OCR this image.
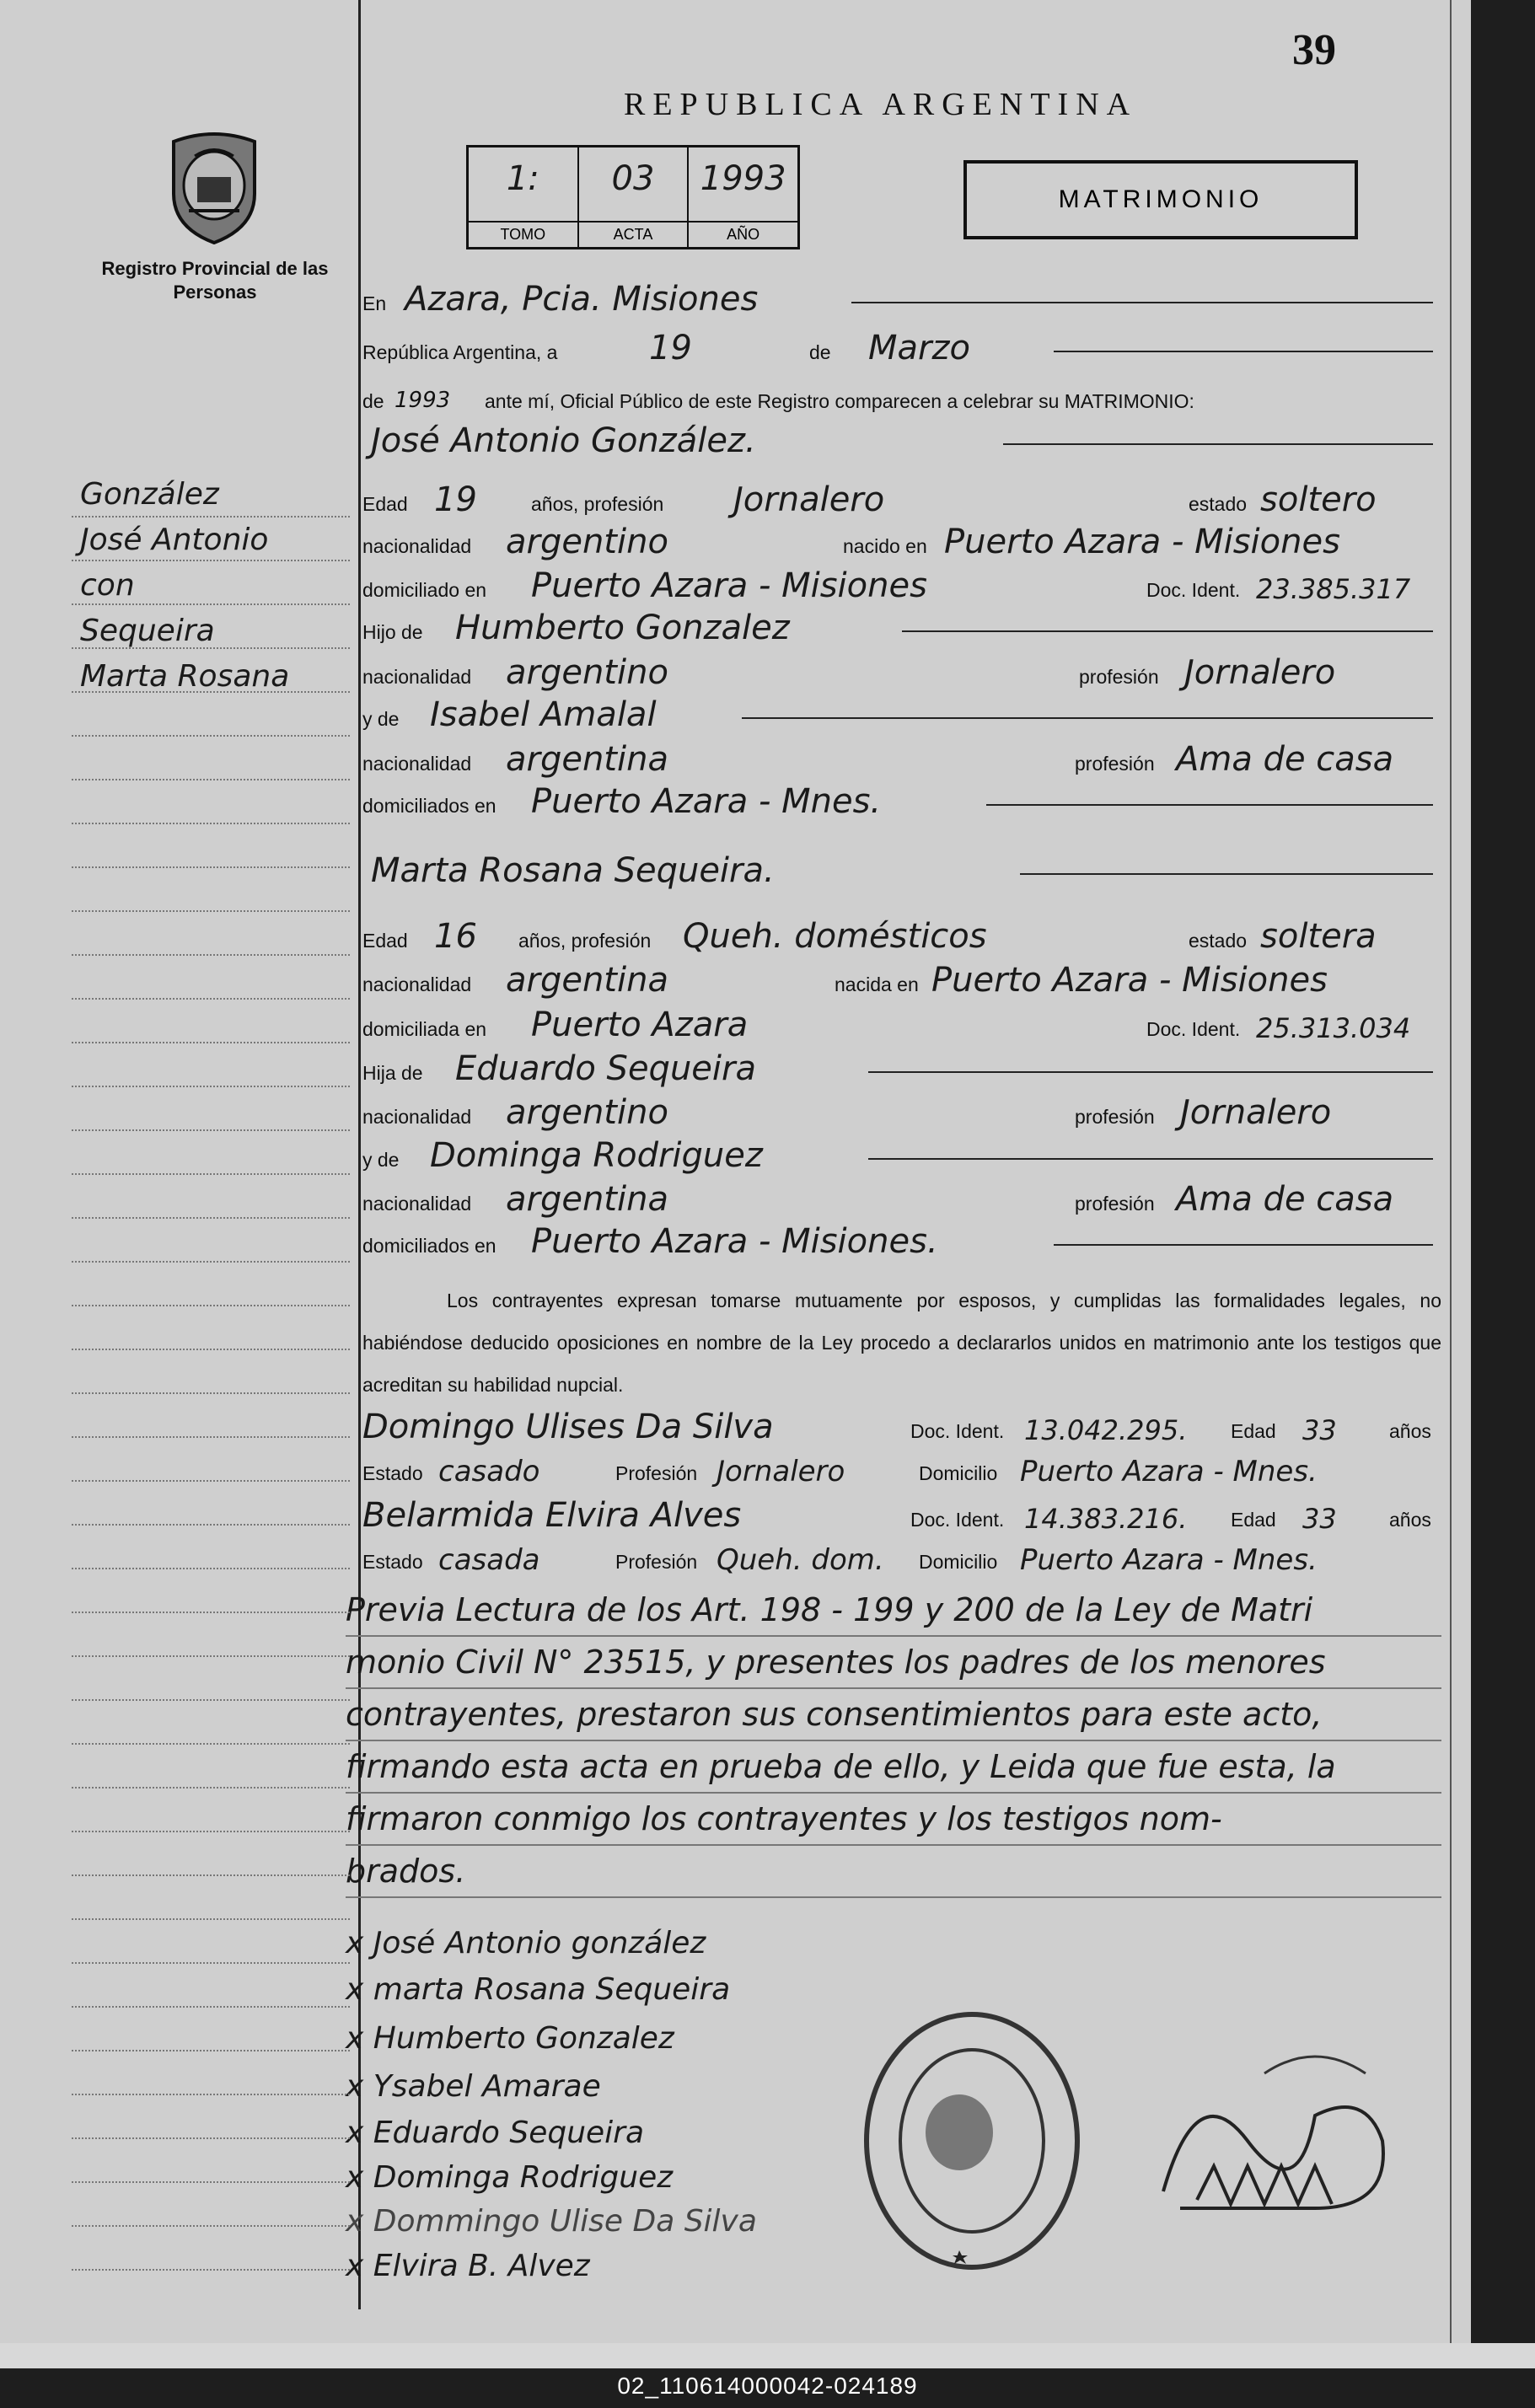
39
REPUBLICA ARGENTINA
Registro Provincial de las Personas
1:
TOMO
03
ACTA
1993
AÑO
MATRIMONIO
González
José Antonio
con
Sequeira
Marta Rosana
En Azara, Pcia. Misiones
República Argentina, a	19	de Marzo
de 1993 ante mí, Oficial Público de este Registro comparecen a celebrar su MATRIMONIO:
José Antonio González.
Edad 19	años, profesión Jornalero	estado soltero
nacionalidad argentino	nacido en Puerto Azara - Misiones
domiciliado en Puerto Azara - Misiones	Doc. Ident. 23.385.317
Hijo de Humberto Gonzalez
nacionalidad argentino	profesión Jornalero
y de Isabel Amalal
nacionalidad argentina	profesión Ama de casa
domiciliados en Puerto Azara - Mnes.
Marta Rosana Sequeira.
Edad 16 años, profesión Queh. domésticos	estado soltera
nacionalidad argentina	nacida en Puerto Azara - Misiones
domiciliada en Puerto Azara	Doc. Ident. 25.313.034
Hija de Eduardo Sequeira
nacionalidad argentino	profesión Jornalero
y de Dominga Rodriguez
nacionalidad argentina	profesión Ama de casa
domiciliados en Puerto Azara - Misiones.
Los contrayentes expresan tomarse mutuamente por esposos, y cumplidas las formalidades legales, no habiéndose deducido oposiciones en nombre de la Ley procedo a declararlos unidos en matrimonio ante los testigos que acreditan su habilidad nupcial.
Domingo Ulises Da Silva	Doc. Ident. 13.042.295. Edad 33	años
Estado casado	Profesión Jornalero	Domicilio Puerto Azara - Mnes.
Belarmida Elvira Alves	Doc. Ident. 14.383.216. Edad 33	años
Estado casada	Profesión Queh. dom. Domicilio Puerto Azara - Mnes.
Previa Lectura de los Art. 198 - 199 y 200 de la Ley de Matri
monio Civil N° 23515, y presentes los padres de los menores
contrayentes, prestaron sus consentimientos para este acto,
firmando esta acta en prueba de ello, y Leida que fue esta, la
firmaron conmigo los contrayentes y los testigos nom-
brados.
x José Antonio gonzález
x marta Rosana Sequeira
x Humberto Gonzalez
x Ysabel Amarae
x Eduardo Sequeira
x Dominga Rodriguez
x Dommingo Ulise Da Silva
x Elvira B. Alvez
02_110614000042-024189
